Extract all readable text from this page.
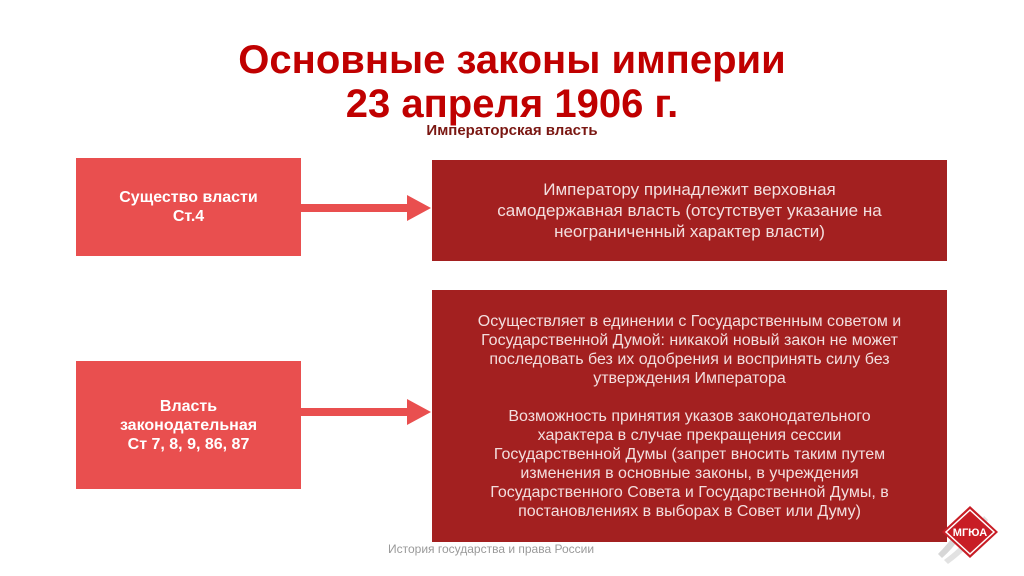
Основные законы империи
23 апреля 1906 г.
Императорская власть
Существо власти
Ст.4
Императору принадлежит верховная
самодержавная власть (отсутствует указание на
неограниченный характер власти)
Власть
законодательная
Ст 7, 8, 9, 86, 87
Осуществляет в единении с Государственным советом и
Государственной Думой: никакой новый закон не может
последовать без их одобрения и воспринять силу без
утверждения Императора
Возможность принятия указов законодательного
характера в случае прекращения сессии
Государственной Думы (запрет вносить таким путем
изменения в основные законы, в учреждения
Государственного Совета и Государственной Думы, в
постановлениях в выборах в Совет или Думу)
История государства и права России
МГЮА
